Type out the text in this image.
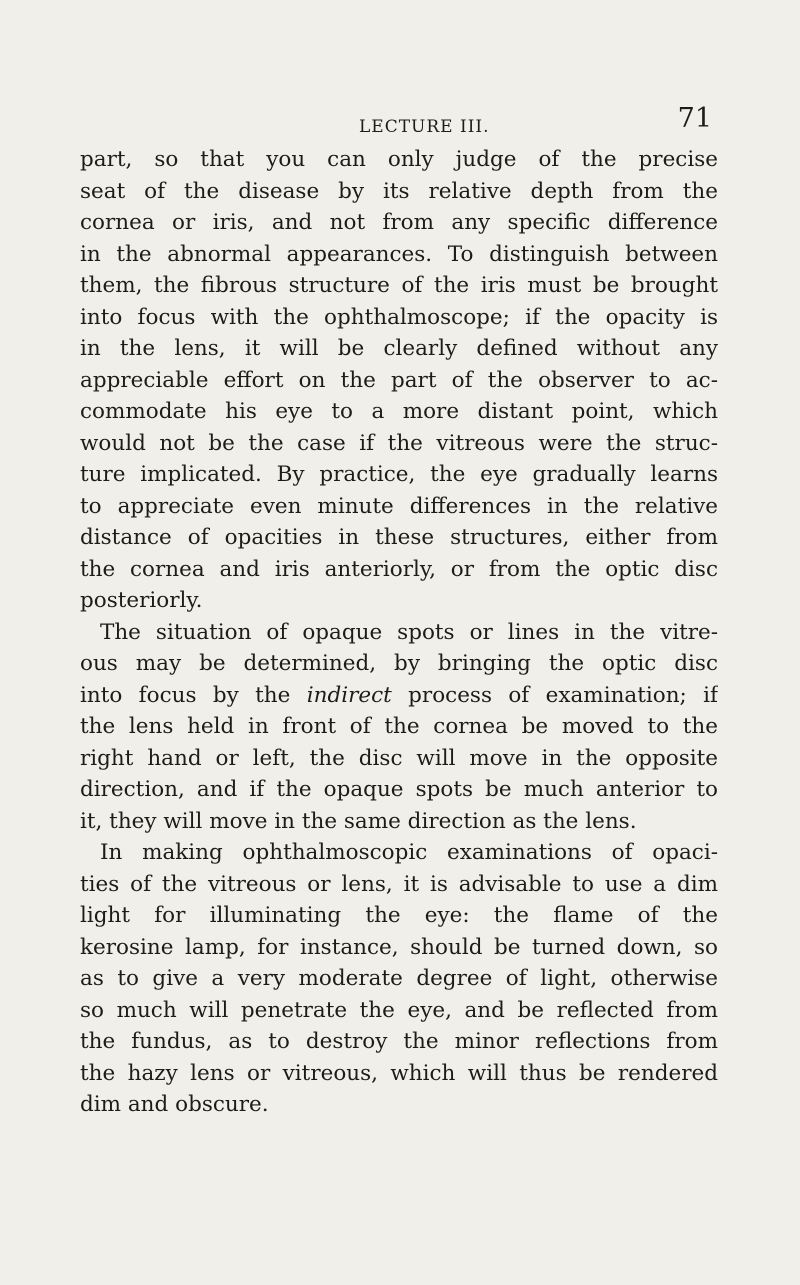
LECTURE III.	71
part, so that you can only judge of the precise
seat of the disease by its relative depth from the
cornea or iris, and not from any specific difference
in the abnormal appearances. To distinguish between
them, the fibrous structure of the iris must be brought
into focus with the ophthalmoscope; if the opacity is
in the lens, it will be clearly defined without any
appreciable effort on the part of the observer to ac-
commodate his eye to a more distant point, which
would not be the case if the vitreous were the struc-
ture implicated. By practice, the eye gradually learns
to appreciate even minute differences in the relative
distance of opacities in these structures, either from
the cornea and iris anteriorly, or from the optic disc
posteriorly.
The situation of opaque spots or lines in the vitre-
ous may be determined, by bringing the optic disc
into focus by the indirect process of examination; if
the lens held in front of the cornea be moved to the
right hand or left, the disc will move in the opposite
direction, and if the opaque spots be much anterior to
it, they will move in the same direction as the lens.
In making ophthalmoscopic examinations of opaci-
ties of the vitreous or lens, it is advisable to use a dim
light for illuminating the eye: the flame of the
kerosine lamp, for instance, should be turned down, so
as to give a very moderate degree of light, otherwise
so much will penetrate the eye, and be reflected from
the fundus, as to destroy the minor reflections from
the hazy lens or vitreous, which will thus be rendered
dim and obscure.
